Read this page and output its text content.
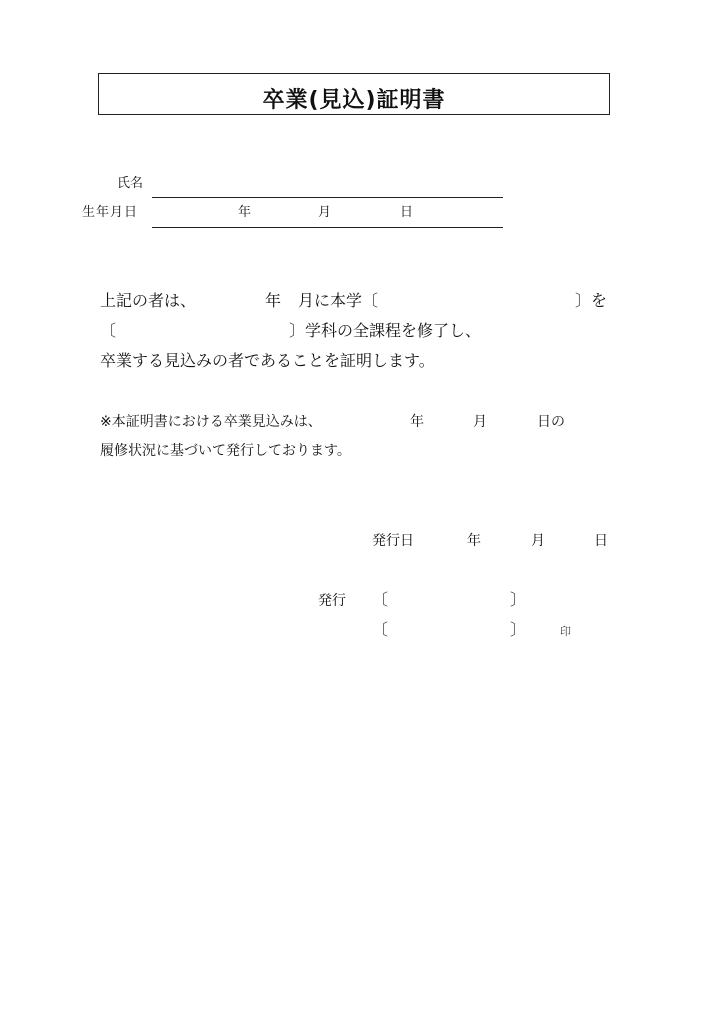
卒業(見込)証明書
氏名
生年月日	年	月	日
上記の者は、	年 月に本学〔	〕を
〔	〕学科の全課程を修了し、
卒業する見込みの者であることを証明します。
※本証明書における卒業見込みは、	年	月	日の
履修状況に基づいて発行しております。
発行日	年	月	日
発行 〔	〕
〔	〕	印
